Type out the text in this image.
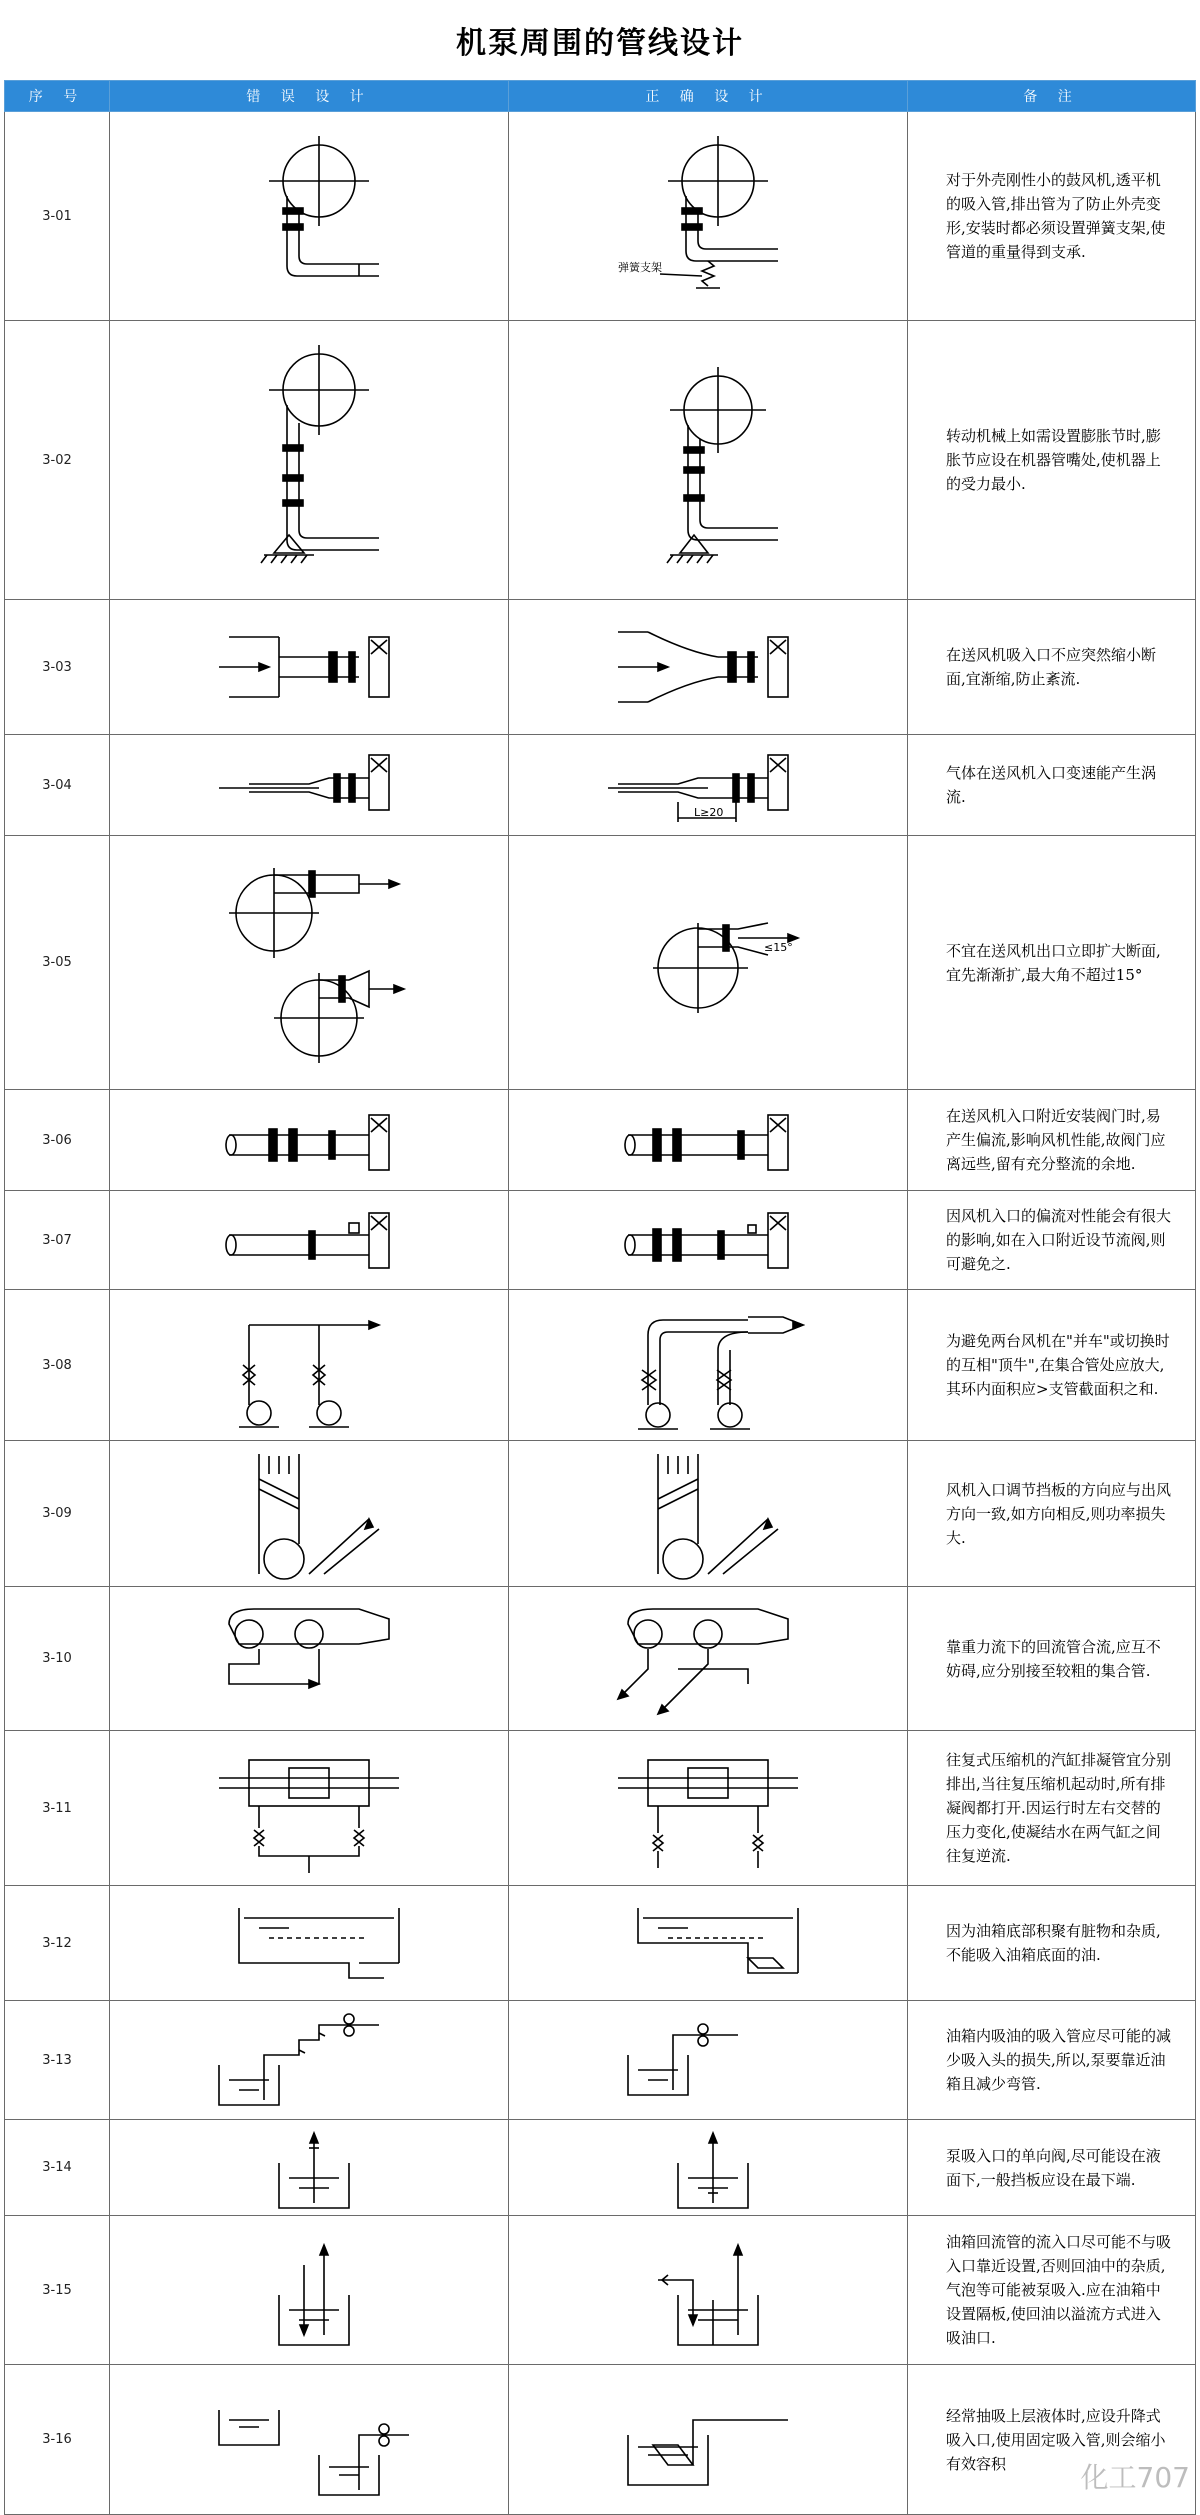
机泵周围的管线设计
序 号	错 误 设 计	正 确 设 计	备 注
3-01		弹簧支架	对于外壳刚性小的鼓风机,透平机的吸入管,排出管为了防止外壳变形,安装时都必须设置弹簧支架,使管道的重量得到支承.
3-02			转动机械上如需设置膨胀节时,膨胀节应设在机器管嘴处,使机器上的受力最小.
3-03			在送风机吸入口不应突然缩小断面,宜渐缩,防止紊流.
3-04		L≥20	气体在送风机入口变速能产生涡流.
3-05		≤15°	不宜在送风机出口立即扩大断面,宜先渐渐扩,最大角不超过15°
3-06			在送风机入口附近安装阀门时,易产生偏流,影响风机性能,故阀门应离远些,留有充分整流的余地.
3-07			因风机入口的偏流对性能会有很大的影响,如在入口附近设节流阀,则可避免之.
3-08			为避免两台风机在"并车"或切换时的互相"顶牛",在集合管处应放大,其环内面积应>支管截面积之和.
3-09			风机入口调节挡板的方向应与出风方向一致,如方向相反,则功率损失大.
3-10			靠重力流下的回流管合流,应互不妨碍,应分别接至较粗的集合管.
3-11			往复式压缩机的汽缸排凝管宜分别排出,当往复压缩机起动时,所有排凝阀都打开.因运行时左右交替的压力变化,使凝结水在两气缸之间往复逆流.
3-12			因为油箱底部积聚有脏物和杂质,不能吸入油箱底面的油.
3-13			油箱内吸油的吸入管应尽可能的减少吸入头的损失,所以,泵要靠近油箱且减少弯管.
3-14			泵吸入口的单向阀,尽可能设在液面下,一般挡板应设在最下端.
3-15			油箱回流管的流入口尽可能不与吸入口靠近设置,否则回油中的杂质,气泡等可能被泵吸入.应在油箱中设置隔板,使回油以溢流方式进入吸油口.
3-16			经常抽吸上层液体时,应设升降式吸入口,使用固定吸入管,则会缩小有效容积	化工707
